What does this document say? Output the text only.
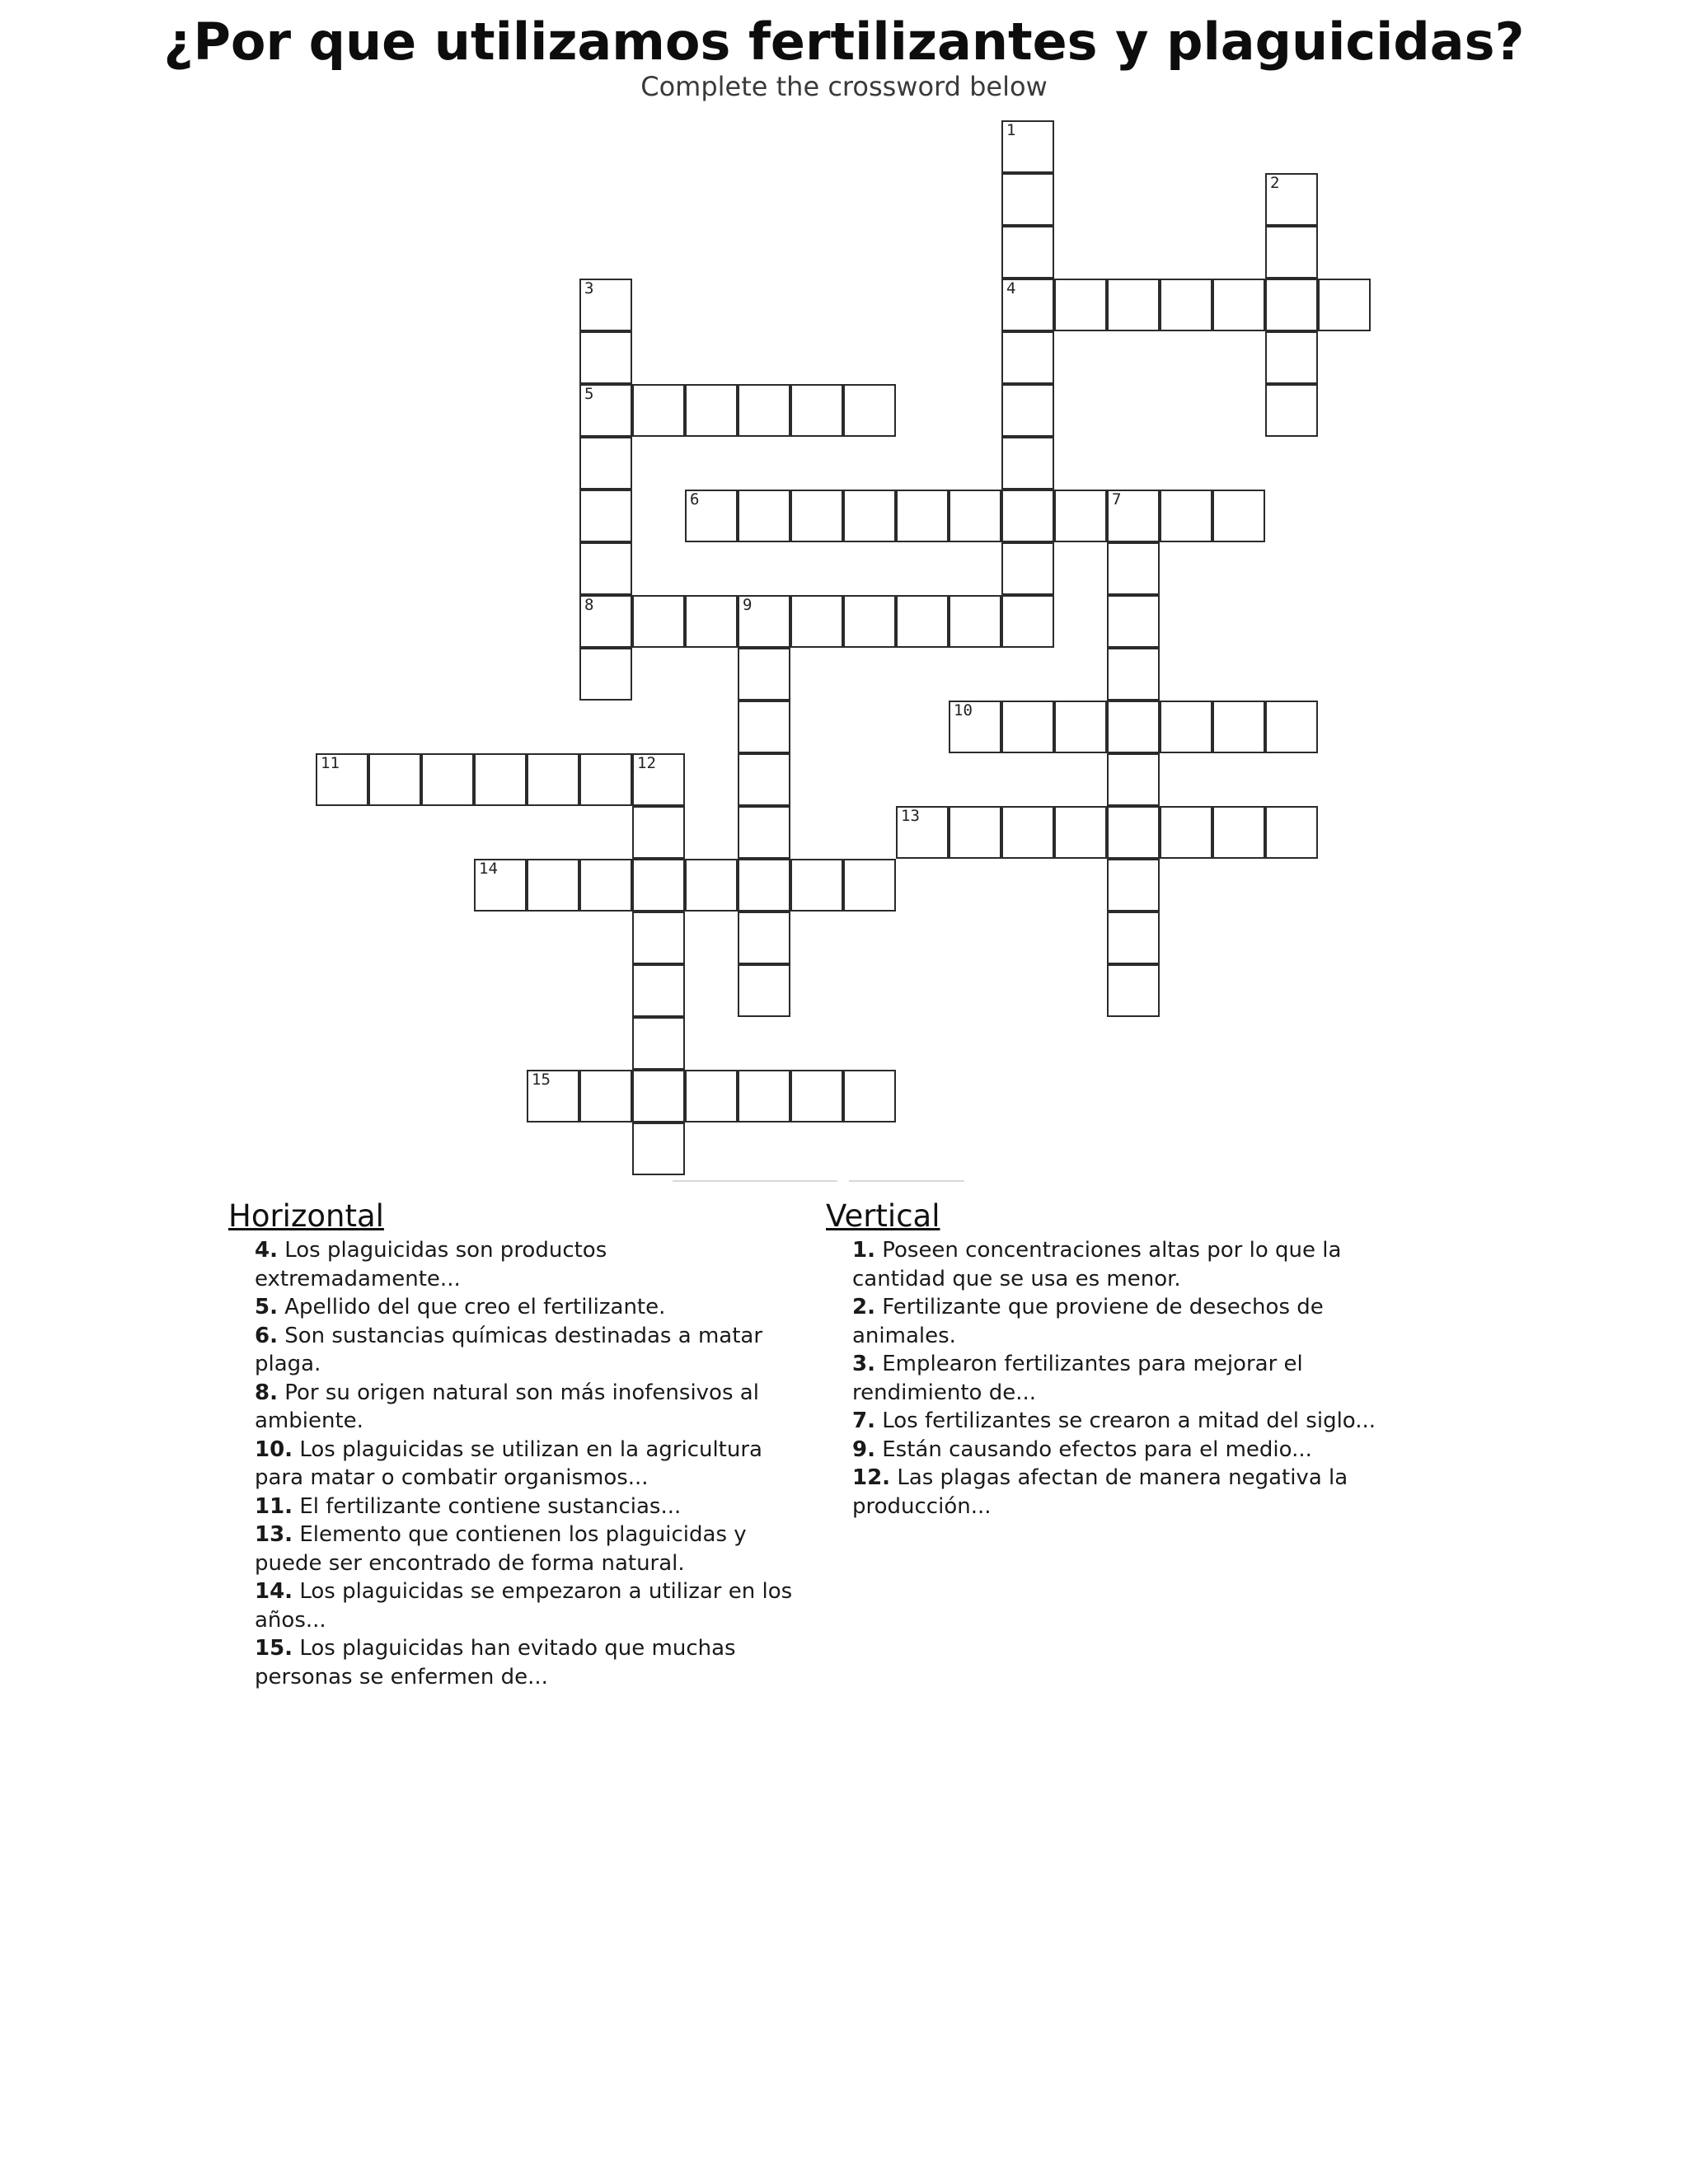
¿Por que utilizamos fertilizantes y plaguicidas?
Complete the crossword below
1
4
2
3
5
8
6	7
9
10
11	12
13
14
15
Horizontal

4. Los plaguicidas son productos extremadamente...

5. Apellido del que creo el fertilizante.

6. Son sustancias químicas destinadas a matar plaga.

8. Por su origen natural son más inofensivos al ambiente.

10. Los plaguicidas se utilizan en la agricultura para matar o combatir organismos...

11. El fertilizante contiene sustancias...

13. Elemento que contienen los plaguicidas y puede ser encontrado de forma natural.

14. Los plaguicidas se empezaron a utilizar en los años...

15. Los plaguicidas han evitado que muchas personas se enfermen de...

Vertical

1. Poseen concentraciones altas por lo que la cantidad que se usa es menor.

2. Fertilizante que proviene de desechos de animales.

3. Emplearon fertilizantes para mejorar el rendimiento de...

7. Los fertilizantes se crearon a mitad del siglo...

9. Están causando efectos para el medio...

12. Las plagas afectan de manera negativa la producción...
